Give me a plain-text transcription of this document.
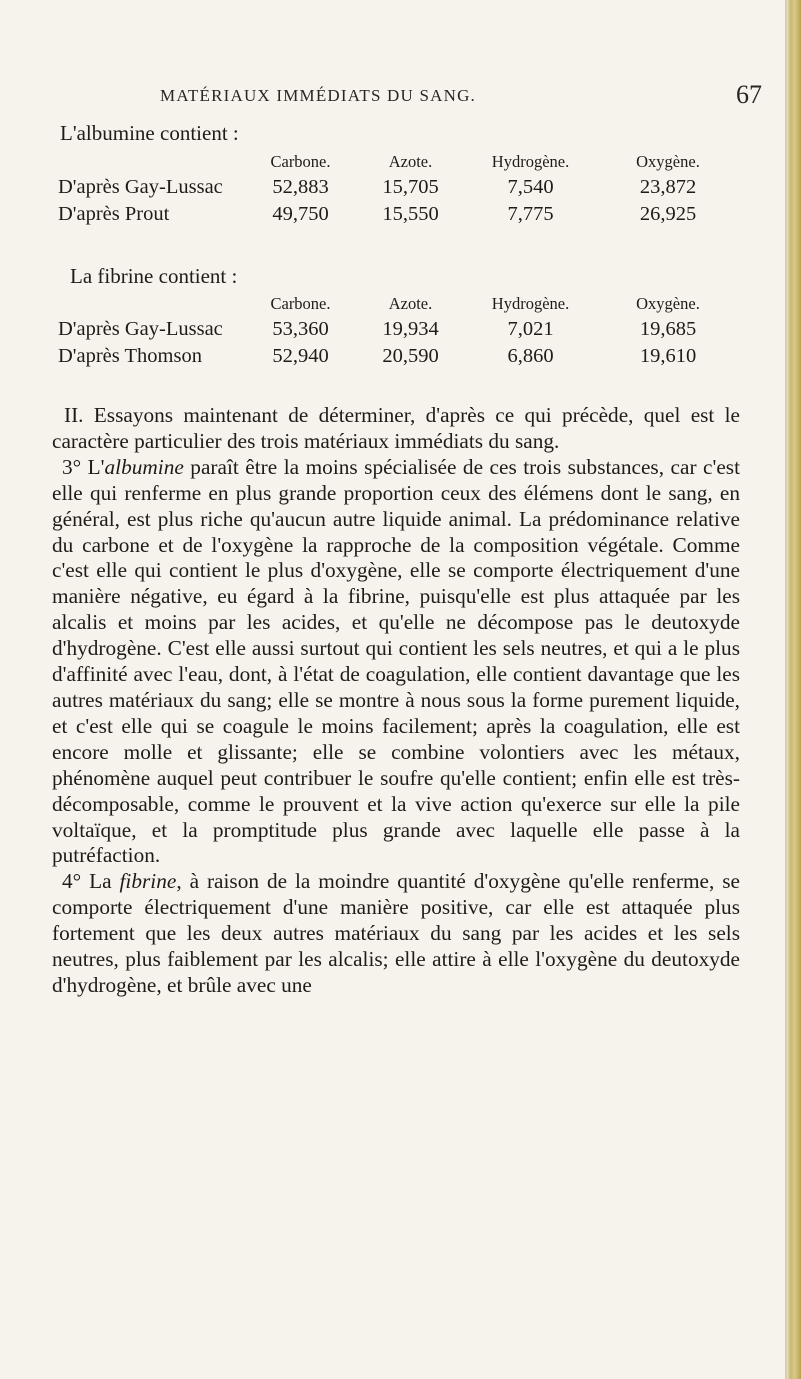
MATÉRIAUX IMMÉDIATS DU SANG.	67
L'albumine contient :
	Carbone.	Azote.	Hydrogène.	Oxygène.
D'après Gay-Lussac	52,883	15,705	7,540	23,872
D'après Prout	49,750	15,550	7,775	26,925
La fibrine contient :
	Carbone.	Azote.	Hydrogène.	Oxygène.
D'après Gay-Lussac	53,360	19,934	7,021	19,685
D'après Thomson	52,940	20,590	6,860	19,610

II. Essayons maintenant de déterminer, d'après ce qui précède, quel est le caractère particulier des trois matériaux immédiats du sang.

3° L'albumine paraît être la moins spécialisée de ces trois substances, car c'est elle qui renferme en plus grande proportion ceux des élémens dont le sang, en général, est plus riche qu'aucun autre liquide animal. La prédominance relative du carbone et de l'oxygène la rapproche de la composition végétale. Comme c'est elle qui contient le plus d'oxygène, elle se comporte électriquement d'une manière négative, eu égard à la fibrine, puisqu'elle est plus attaquée par les alcalis et moins par les acides, et qu'elle ne décompose pas le deutoxyde d'hydrogène. C'est elle aussi surtout qui contient les sels neutres, et qui a le plus d'affinité avec l'eau, dont, à l'état de coagulation, elle contient davantage que les autres matériaux du sang; elle se montre à nous sous la forme purement liquide, et c'est elle qui se coagule le moins facilement; après la coagulation, elle est encore molle et glissante; elle se combine volontiers avec les métaux, phénomène auquel peut contribuer le soufre qu'elle contient; enfin elle est très-décomposable, comme le prouvent et la vive action qu'exerce sur elle la pile voltaïque, et la promptitude plus grande avec laquelle elle passe à la putréfaction.

4° La fibrine, à raison de la moindre quantité d'oxygène qu'elle renferme, se comporte électriquement d'une manière positive, car elle est attaquée plus fortement que les deux autres matériaux du sang par les acides et les sels neutres, plus faiblement par les alcalis; elle attire à elle l'oxygène du deutoxyde d'hydrogène, et brûle avec une
